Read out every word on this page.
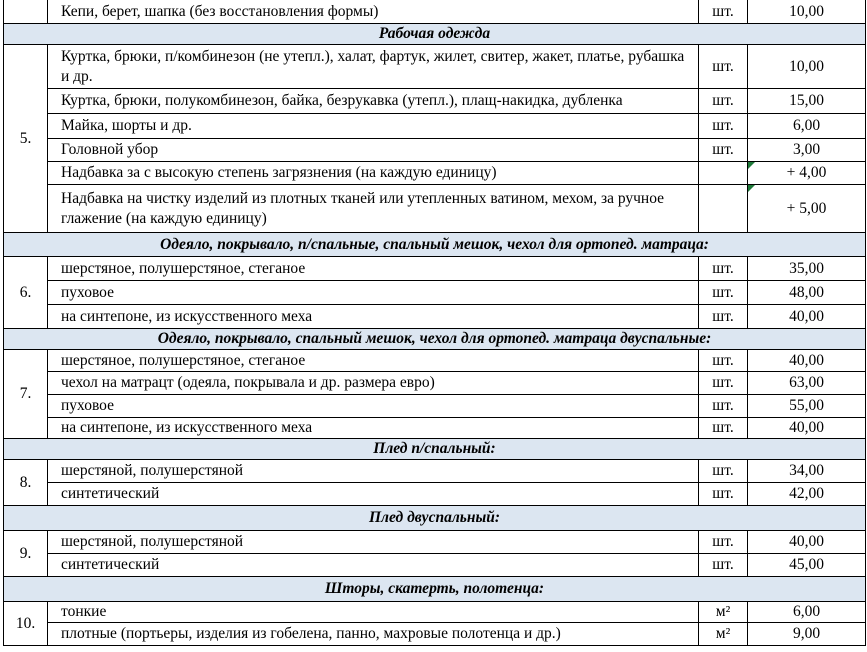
	Кепи, берет, шапка (без восстановления формы)	шт.	10,00
Рабочая одежда			
5.	Куртка, брюки, п/комбинезон (не утепл.), халат, фартук, жилет, свитер, жакет, платье, рубашка и др.	шт.	10,00
	Куртка, брюки, полукомбинезон, байка, безрукавка (утепл.), плащ-накидка, дубленка	шт.	15,00
	Майка, шорты и др.	шт.	6,00
	Головной убор	шт.	3,00
	Надбавка за с высокую степень загрязнения (на каждую единицу)		+ 4,00
	Надбавка на чистку изделий из плотных тканей или утепленных ватином, мехом, за ручное глажение (на каждую единицу)		+ 5,00
Одеяло, покрывало, п/спальные, спальный мешок, чехол для ортопед. матраца:			
6.	шерстяное, полушерстяное, стеганое	шт.	35,00
	пуховое	шт.	48,00
	на синтепоне, из искусственного меха	шт.	40,00
Одеяло, покрывало, спальный мешок, чехол для ортопед. матраца двуспальные:			
7.	шерстяное, полушерстяное, стеганое	шт.	40,00
	чехол на матрацт (одеяла, покрывала и др. размера евро)	шт.	63,00
	пуховое	шт.	55,00
	на синтепоне, из искусственного меха	шт.	40,00
Плед п/спальный:			
8.	шерстяной, полушерстяной	шт.	34,00
	синтетический	шт.	42,00
Плед двуспальный:			
9.	шерстяной, полушерстяной	шт.	40,00
	синтетический	шт.	45,00
Шторы, скатерть, полотенца:			
10.	тонкие	м²	6,00
	плотные (портьеры, изделия из гобелена, панно, махровые полотенца и др.)	м²	9,00
